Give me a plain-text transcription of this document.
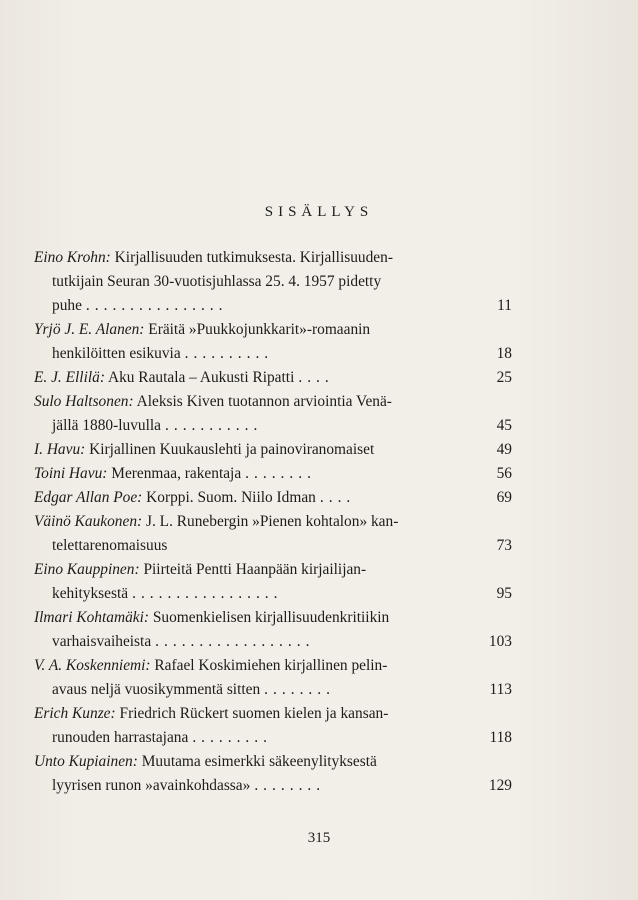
SISÄLLYS
Eino Krohn: Kirjallisuuden tutkimuksesta. Kirjallisuuden-
tutkijain Seuran 30-vuotisjuhlassa 25. 4. 1957 pidetty
puhe ................	11
Yrjö J. E. Alanen: Eräitä »Puukkojunkkarit»-romaanin
henkilöitten esikuvia ..........	18
E. J. Ellilä: Aku Rautala – Aukusti Ripatti ....	25
Sulo Haltsonen: Aleksis Kiven tuotannon arviointia Venä-
jällä 1880-luvulla ...........	45
I. Havu: Kirjallinen Kuukauslehti ja painoviranomaiset	49
Toini Havu: Merenmaa, rakentaja ........	56
Edgar Allan Poe: Korppi. Suom. Niilo Idman ....	69
Väinö Kaukonen: J. L. Runebergin »Pienen kohtalon» kan-
telettarenomaisuus	73
Eino Kauppinen: Piirteitä Pentti Haanpään kirjailijan-
kehityksestä .................	95
Ilmari Kohtamäki: Suomenkielisen kirjallisuudenkritiikin
varhaisvaiheista ..................	103
V. A. Koskenniemi: Rafael Koskimiehen kirjallinen pelin-
avaus neljä vuosikymmentä sitten ........	113
Erich Kunze: Friedrich Rückert suomen kielen ja kansan-
runouden harrastajana .........	118
Unto Kupiainen: Muutama esimerkki säkeenylityksestä
lyyrisen runon »avainkohdassa» ........	129
315
